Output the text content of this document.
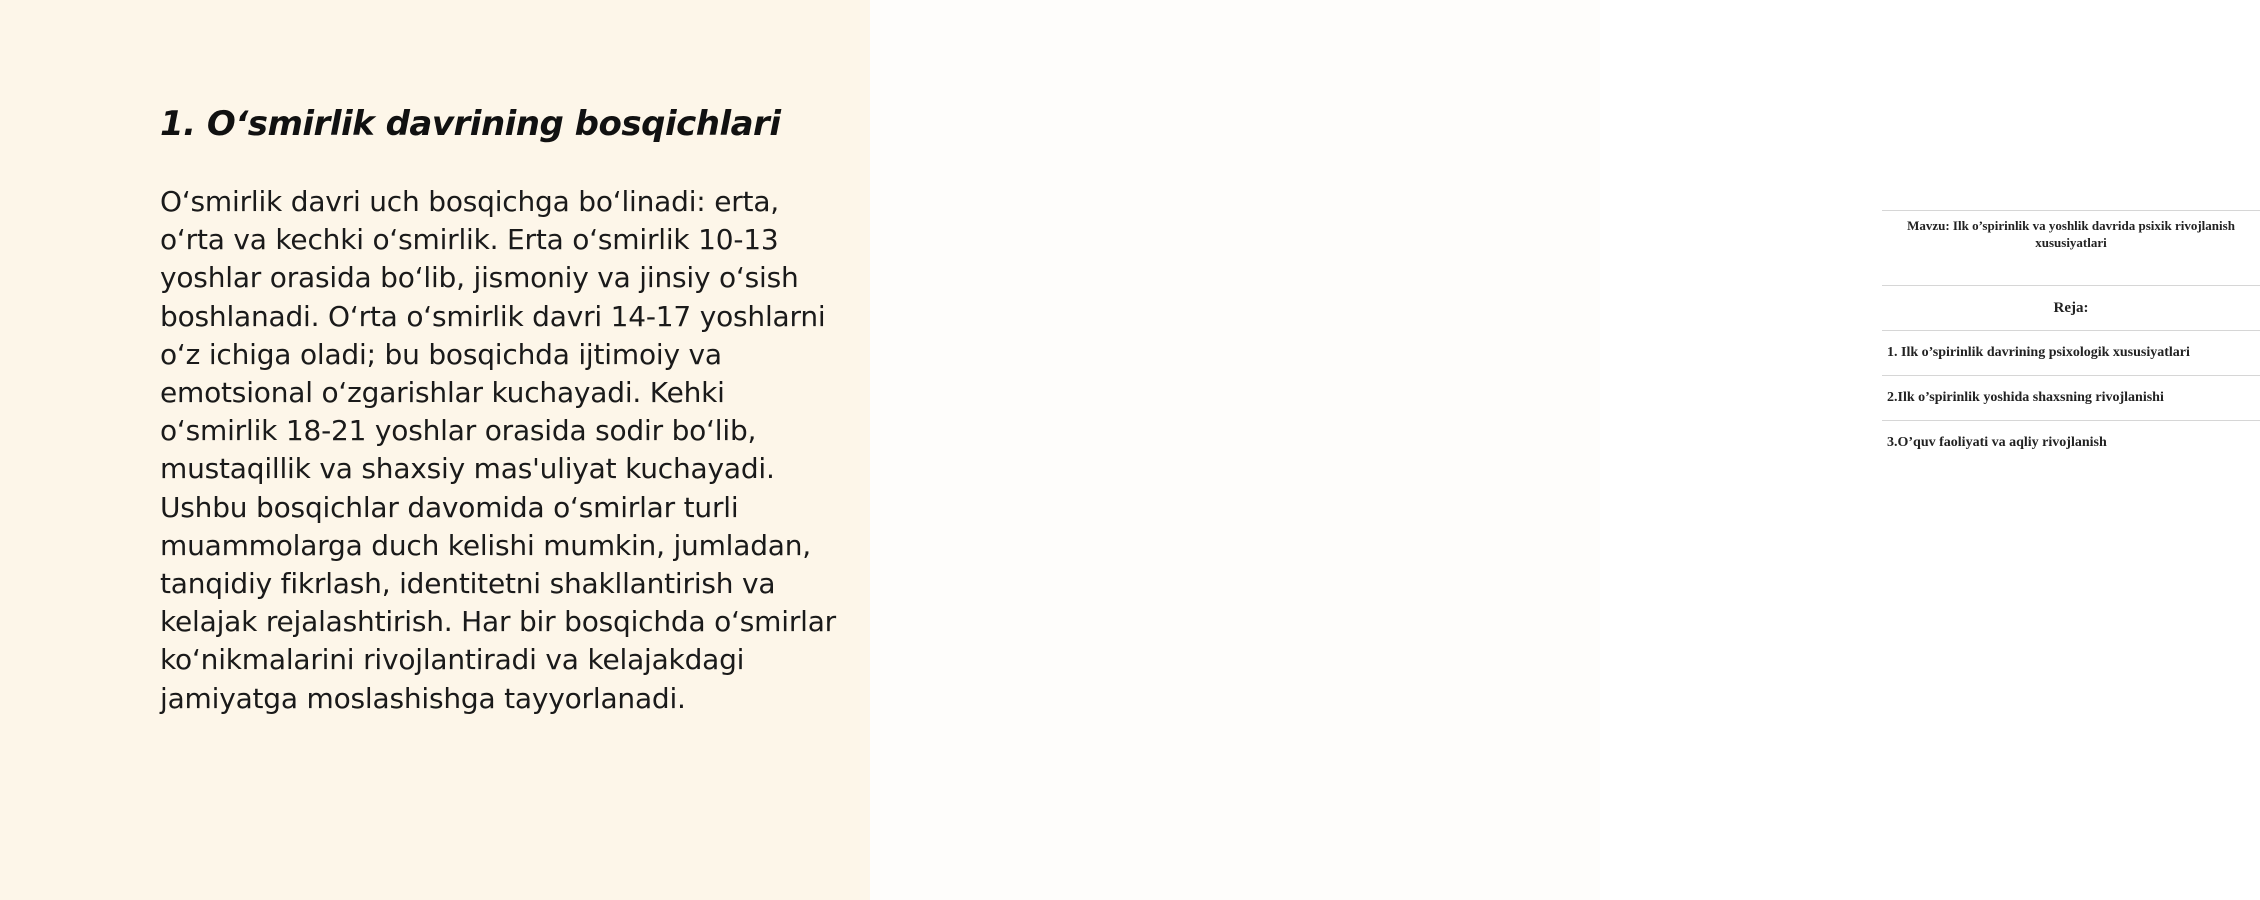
1. O‘smirlik davrining bosqichlari

O‘smirlik davri uch bosqichga bo‘linadi: erta, o‘rta va kechki o‘smirlik. Erta o‘smirlik 10-13 yoshlar orasida bo‘lib, jismoniy va jinsiy o‘sish boshlanadi. O‘rta o‘smirlik davri 14-17 yoshlarni o‘z ichiga oladi; bu bosqichda ijtimoiy va emotsional o‘zgarishlar kuchayadi. Kehki o‘smirlik 18-21 yoshlar orasida sodir bo‘lib, mustaqillik va shaxsiy mas'uliyat kuchayadi. Ushbu bosqichlar davomida o‘smirlar turli muammolarga duch kelishi mumkin, jumladan, tanqidiy fikrlash, identitetni shakllantirish va kelajak rejalashtirish. Har bir bosqichda o‘smirlar ko‘nikmalarini rivojlantiradi va kelajakdagi jamiyatga moslashishga tayyorlanadi.

Mavzu: Ilk o’spirinlik va yoshlik davrida psixik rivojlanish xususiyatlari
Reja:
1. Ilk o’spirinlik davrining psixologik xususiyatlari
2.Ilk o’spirinlik yoshida shaxsning rivojlanishi
3.O’quv faoliyati va aqliy rivojlanish
